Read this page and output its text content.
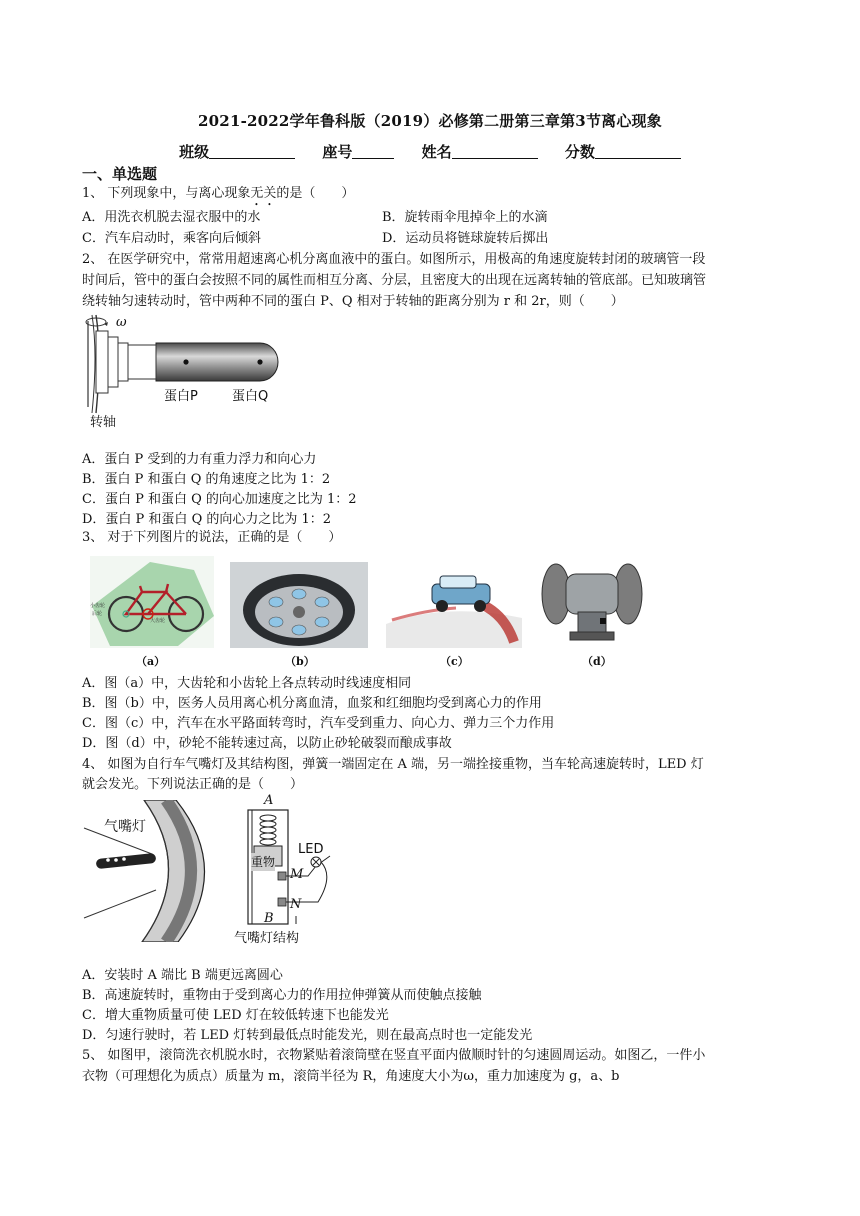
2021-2022学年鲁科版（2019）必修第二册第三章第3节离心现象
班级	座号	姓名	分数
一、单选题
1、 下列现象中，与离心现象无关的是（　　）
A．用洗衣机脱去湿衣服中的水	B．旋转雨伞甩掉伞上的水滴
C．汽车启动时，乘客向后倾斜	D．运动员将链球旋转后掷出
2、 在医学研究中，常常用超速离心机分离血液中的蛋白。如图所示，用极高的角速度旋转封闭的玻璃管一段
时间后，管中的蛋白会按照不同的属性而相互分离、分层，且密度大的出现在远离转轴的管底部。已知玻璃管
绕转轴匀速转动时，管中两种不同的蛋白 P、Q 相对于转轴的距离分别为 r 和 2r，则（　　）
ω
蛋白P	蛋白Q
转轴
A．蛋白 P 受到的力有重力浮力和向心力
B．蛋白 P 和蛋白 Q 的角速度之比为 1：2
C．蛋白 P 和蛋白 Q 的向心加速度之比为 1：2
D．蛋白 P 和蛋白 Q 的向心力之比为 1：2
3、 对于下列图片的说法，正确的是（　　）
小齿轮
后轮
大齿轮
（a）	（b）	（c）	（d）
A．图（a）中，大齿轮和小齿轮上各点转动时线速度相同
B．图（b）中，医务人员用离心机分离血清，血浆和红细胞均受到离心力的作用
C．图（c）中，汽车在水平路面转弯时，汽车受到重力、向心力、弹力三个力作用
D．图（d）中，砂轮不能转速过高，以防止砂轮破裂而酿成事故
4、 如图为自行车气嘴灯及其结构图，弹簧一端固定在 A 端，另一端拴接重物，当车轮高速旋转时，LED 灯
就会发光。下列说法正确的是（　　）
气嘴灯
A
重物
LED
M
N
B
气嘴灯结构
A．安装时 A 端比 B 端更远离圆心
B．高速旋转时，重物由于受到离心力的作用拉伸弹簧从而使触点接触
C．增大重物质量可使 LED 灯在较低转速下也能发光
D．匀速行驶时，若 LED 灯转到最低点时能发光，则在最高点时也一定能发光
5、 如图甲，滚筒洗衣机脱水时，衣物紧贴着滚筒壁在竖直平面内做顺时针的匀速圆周运动。如图乙，一件小
衣物（可理想化为质点）质量为 m，滚筒半径为 R，角速度大小为ω，重力加速度为 g，a、b
